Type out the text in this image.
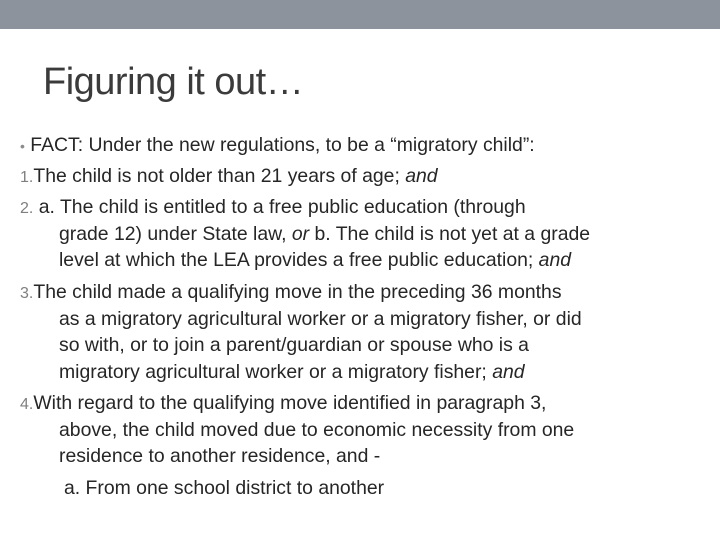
Figuring it out…
• FACT: Under the new regulations, to be a “migratory child”:
1.The child is not older than 21 years of age; and
2. a. The child is entitled to a free public education (through
grade 12) under State law, or b. The child is not yet at a grade
level at which the LEA provides a free public education; and
3.The child made a qualifying move in the preceding 36 months
as a migratory agricultural worker or a migratory fisher, or did
so with, or to join a parent/guardian or spouse who is a
migratory agricultural worker or a migratory fisher; and
4.With regard to the qualifying move identified in paragraph 3,
above, the child moved due to economic necessity from one
residence to another residence, and -
a. From one school district to another
